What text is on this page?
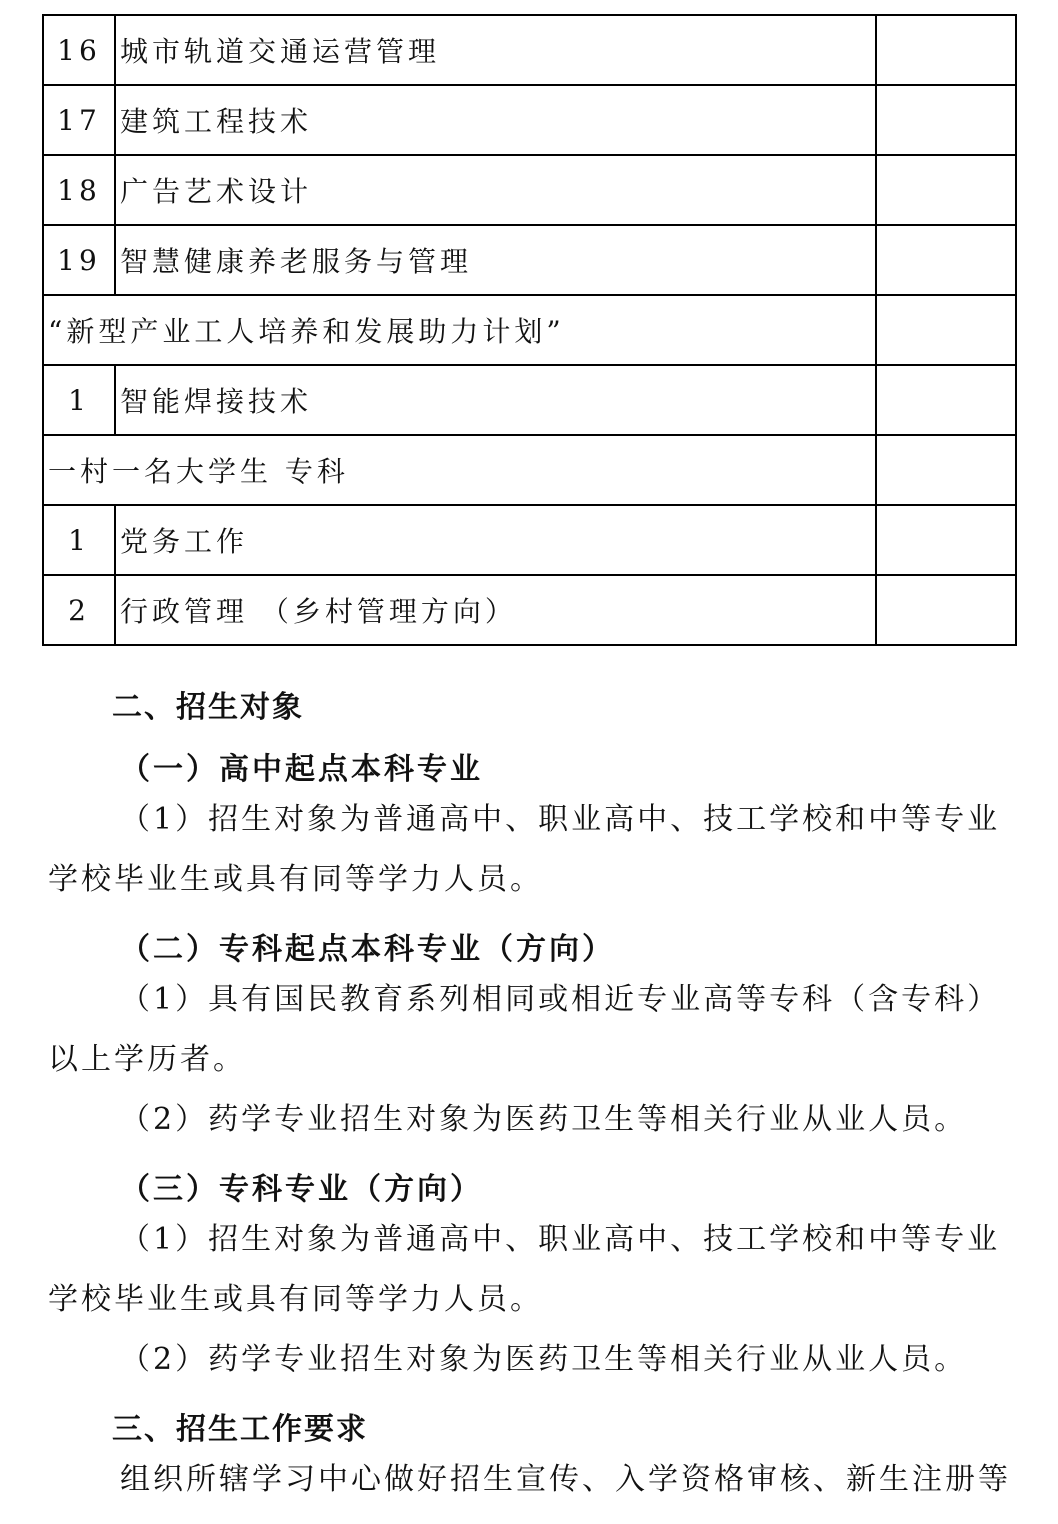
16	城市轨道交通运营管理	
17	建筑工程技术	
18	广告艺术设计	
19	智慧健康养老服务与管理	
“新型产业工人培养和发展助力计划”		
1	智能焊接技术	
一村一名大学生 专科		
1	党务工作	
2	行政管理 （乡村管理方向）	
二、招生对象
（一）高中起点本科专业
（1）招生对象为普通高中、职业高中、技工学校和中等专业学校毕业生或具有同等学力人员。
（二）专科起点本科专业（方向）
（1）具有国民教育系列相同或相近专业高等专科（含专科）以上学历者。
（2）药学专业招生对象为医药卫生等相关行业从业人员。
（三）专科专业（方向）
（1）招生对象为普通高中、职业高中、技工学校和中等专业学校毕业生或具有同等学力人员。
（2）药学专业招生对象为医药卫生等相关行业从业人员。
三、招生工作要求
组织所辖学习中心做好招生宣传、入学资格审核、新生注册等
